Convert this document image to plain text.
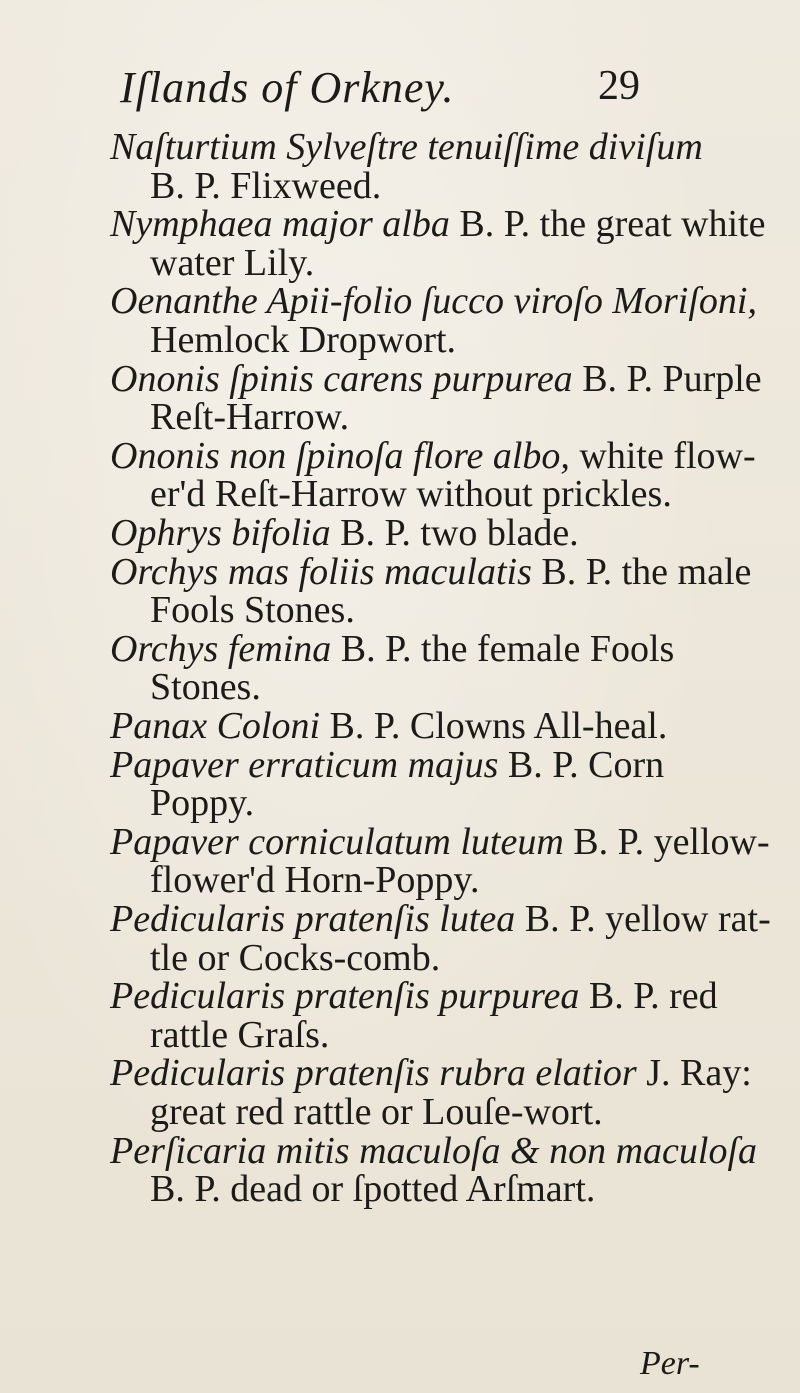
Iſlands of Orkney.	29
Naſturtium Sylveſtre tenuiſſime diviſum
B. P. Flixweed.
Nymphaea major alba B. P. the great white
water Lily.
Oenanthe Apii-folio ſucco viroſo Moriſoni,
Hemlock Dropwort.
Ononis ſpinis carens purpurea B. P. Purple
Reſt-Harrow.
Ononis non ſpinoſa flore albo, white flow-
er'd Reſt-Harrow without prickles.
Ophrys bifolia B. P. two blade.
Orchys mas foliis maculatis B. P. the male
Fools Stones.
Orchys femina B. P. the female Fools
Stones.
Panax Coloni B. P. Clowns All-heal.
Papaver erraticum majus B. P. Corn
Poppy.
Papaver corniculatum luteum B. P. yellow-
flower'd Horn-Poppy.
Pedicularis pratenſis lutea B. P. yellow rat-
tle or Cocks-comb.
Pedicularis pratenſis purpurea B. P. red
rattle Graſs.
Pedicularis pratenſis rubra elatior J. Ray:
great red rattle or Louſe-wort.
Perſicaria mitis maculoſa & non maculoſa
B. P. dead or ſpotted Arſmart.
Per-
